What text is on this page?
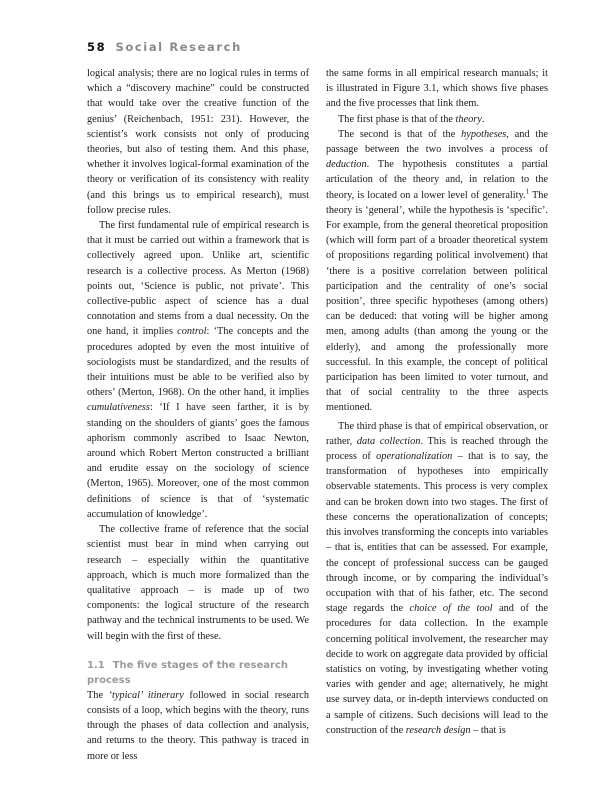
58 Social Research

logical analysis; there are no logical rules in terms of which a “discovery machine” could be constructed that would take over the creative function of the genius’ (Reichenbach, 1951: 231). However, the scientist’s work consists not only of producing theories, but also of testing them. And this phase, whether it involves logical-formal examination of the theory or verification of its consistency with reality (and this brings us to empirical research), must follow precise rules.

The first fundamental rule of empirical research is that it must be carried out within a framework that is collectively agreed upon. Unlike art, scientific research is a collective process. As Merton (1968) points out, ‘Science is public, not private’. This collective-public aspect of science has a dual connotation and stems from a dual necessity. On the one hand, it implies control: ‘The concepts and the procedures adopted by even the most intuitive of sociologists must be standardized, and the results of their intuitions must be able to be verified also by others’ (Merton, 1968). On the other hand, it implies cumulativeness: ‘If I have seen farther, it is by standing on the shoulders of giants’ goes the famous aphorism commonly ascribed to Isaac Newton, around which Robert Merton constructed a brilliant and erudite essay on the sociology of science (Merton, 1965). Moreover, one of the most common definitions of science is that of ‘systematic accumulation of knowledge’.

The collective frame of reference that the social scientist must bear in mind when carrying out research – especially within the quantitative approach, which is much more formalized than the qualitative approach – is made up of two components: the logical structure of the research pathway and the technical instruments to be used. We will begin with the first of these.

1.1 The five stages of the research process

The ‘typical’ itinerary followed in social research consists of a loop, which begins with the theory, runs through the phases of data collection and analysis, and returns to the theory. This pathway is traced in more or less

the same forms in all empirical research manuals; it is illustrated in Figure 3.1, which shows five phases and the five processes that link them.

The first phase is that of the theory.

The second is that of the hypotheses, and the passage between the two involves a process of deduction. The hypothesis constitutes a partial articulation of the theory and, in relation to the theory, is located on a lower level of generality.$^1$ The theory is ‘general’, while the hypothesis is ‘specific’. For example, from the general theoretical proposition (which will form part of a broader theoretical system of propositions regarding political involvement) that ‘there is a positive correlation between political participation and the centrality of one’s social position’, three specific hypotheses (among others) can be deduced: that voting will be higher among men, among adults (than among the young or the elderly), and among the professionally more successful. In this example, the concept of political participation has been limited to voter turnout, and that of social centrality to the three aspects mentioned.

The third phase is that of empirical observation, or rather, data collection. This is reached through the process of operationalization – that is to say, the transformation of hypotheses into empirically observable statements. This process is very complex and can be broken down into two stages. The first of these concerns the operationalization of concepts; this involves transforming the concepts into variables – that is, entities that can be assessed. For example, the concept of professional success can be gauged through income, or by comparing the individual’s occupation with that of his father, etc. The second stage regards the choice of the tool and of the procedures for data collection. In the example concerning political involvement, the researcher may decide to work on aggregate data provided by official statistics on voting, by investigating whether voting varies with gender and age; alternatively, he might use survey data, or in-depth interviews conducted on a sample of citizens. Such decisions will lead to the construction of the research design – that is
